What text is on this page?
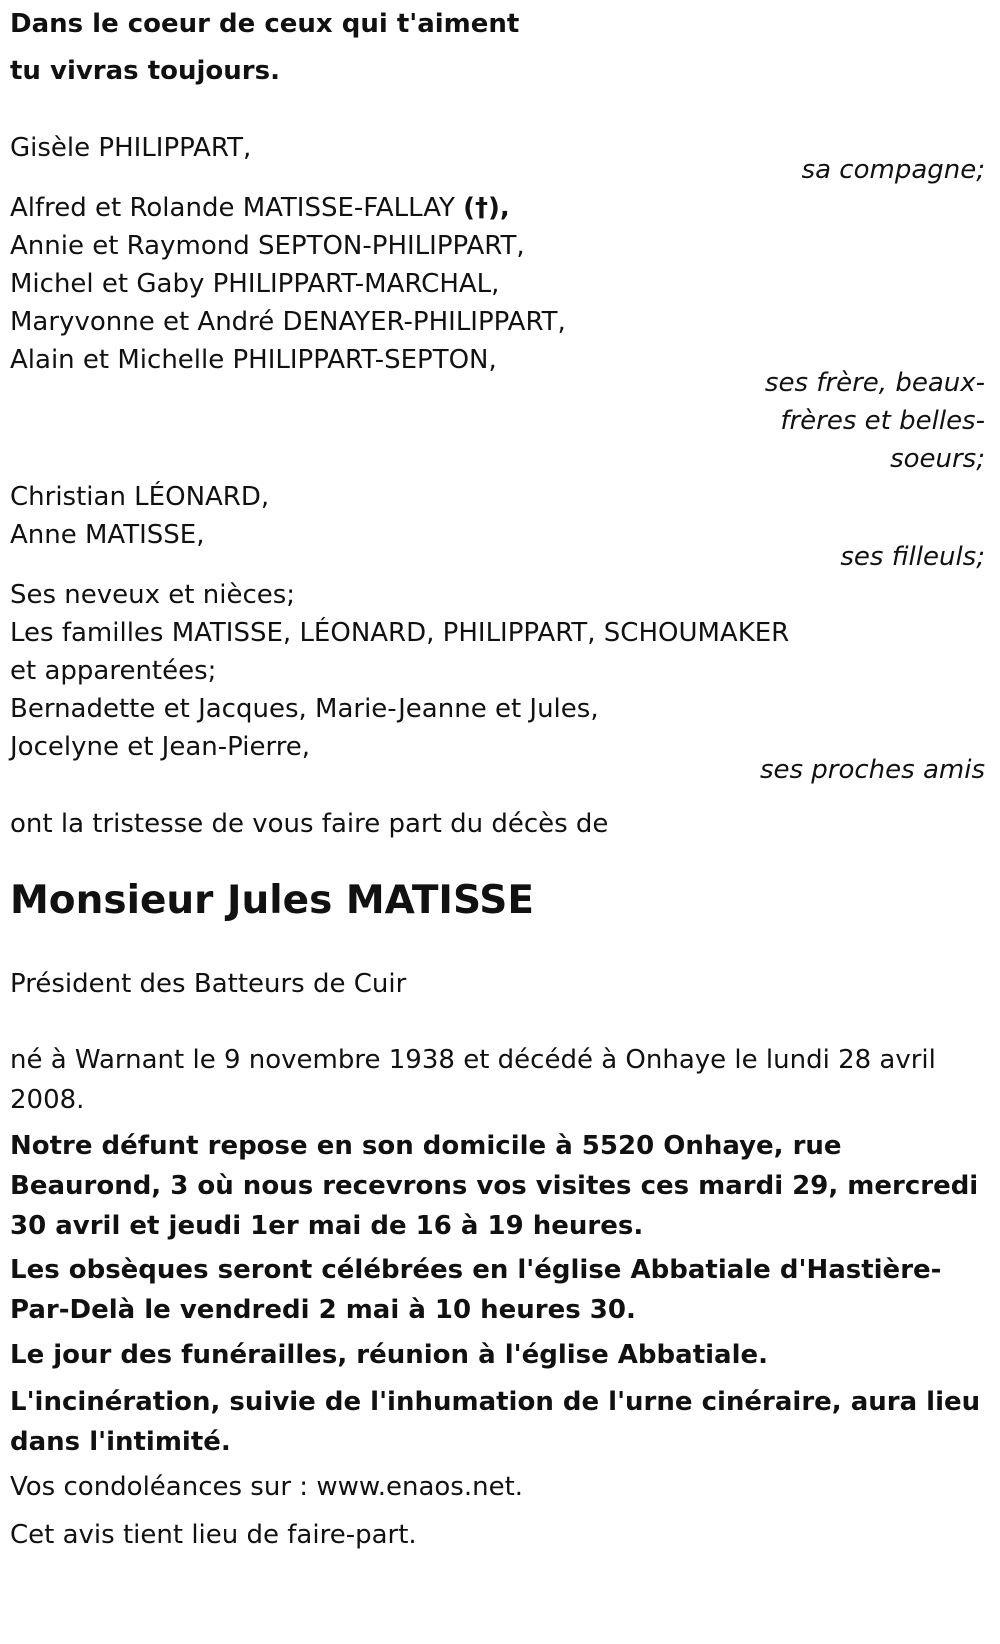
Dans le coeur de ceux qui t'aiment
tu vivras toujours.
Gisèle PHILIPPART,
sa compagne;
Alfred et Rolande MATISSE-FALLAY (†),
Annie et Raymond SEPTON-PHILIPPART,
Michel et Gaby PHILIPPART-MARCHAL,
Maryvonne et André DENAYER-PHILIPPART,
Alain et Michelle PHILIPPART-SEPTON,
ses frère, beaux-
frères et belles-
soeurs;
Christian LÉONARD,
Anne MATISSE,
ses filleuls;
Ses neveux et nièces;
Les familles MATISSE, LÉONARD, PHILIPPART, SCHOUMAKER
et apparentées;
Bernadette et Jacques, Marie-Jeanne et Jules,
Jocelyne et Jean-Pierre,
ses proches amis
ont la tristesse de vous faire part du décès de
Monsieur Jules MATISSE
Président des Batteurs de Cuir
né à Warnant le 9 novembre 1938 et décédé à Onhaye le lundi 28 avril 2008.
Notre défunt repose en son domicile à 5520 Onhaye, rue Beaurond, 3 où nous recevrons vos visites ces mardi 29, mercredi 30 avril et jeudi 1er mai de 16 à 19 heures.
Les obsèques seront célébrées en l'église Abbatiale d'Hastière-Par-Delà le vendredi 2 mai à 10 heures 30.
Le jour des funérailles, réunion à l'église Abbatiale.
L'incinération, suivie de l'inhumation de l'urne cinéraire, aura lieu dans l'intimité.
Vos condoléances sur : www.enaos.net.
Cet avis tient lieu de faire-part.
